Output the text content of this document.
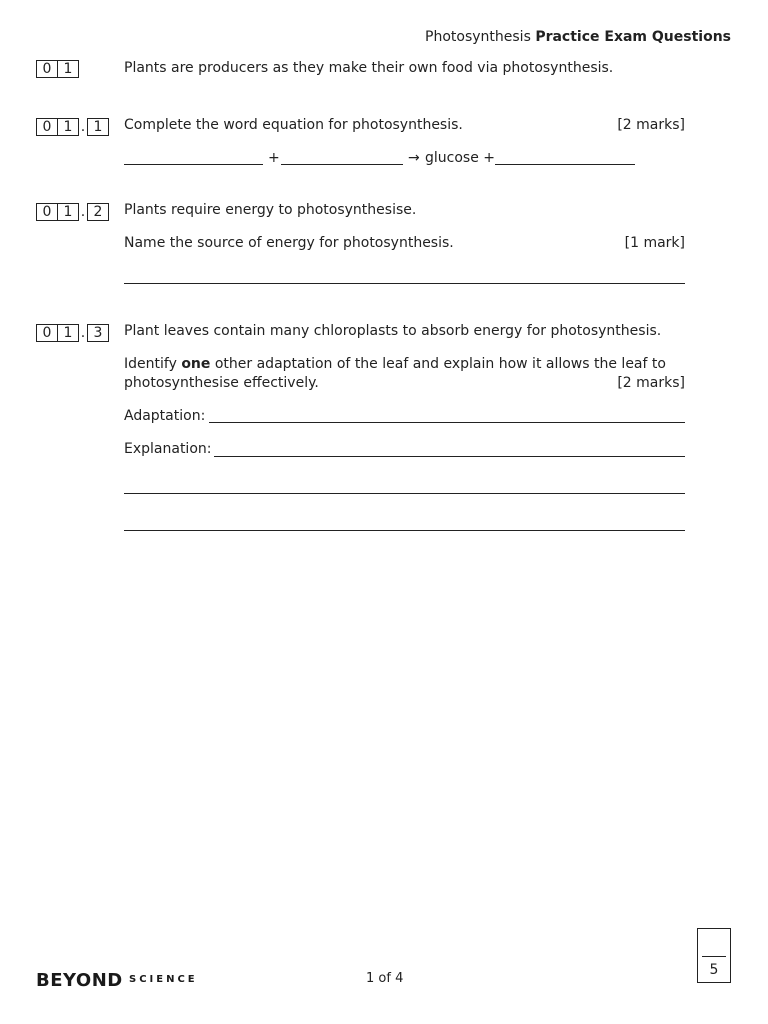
Photosynthesis Practice Exam Questions
0 1	Plants are producers as they make their own food via photosynthesis.
0 1 . 1	Complete the word equation for photosynthesis.	[2 marks]
+	→ glucose +
0 1 . 2	Plants require energy to photosynthesise.
Name the source of energy for photosynthesis.	[1 mark]
0 1 . 3	Plant leaves contain many chloroplasts to absorb energy for photosynthesis.
Identify one other adaptation of the leaf and explain how it allows the leaf to
photosynthesise effectively.	[2 marks]
Adaptation:
Explanation:
BEYOND SCIENCE	1 of 4
5
